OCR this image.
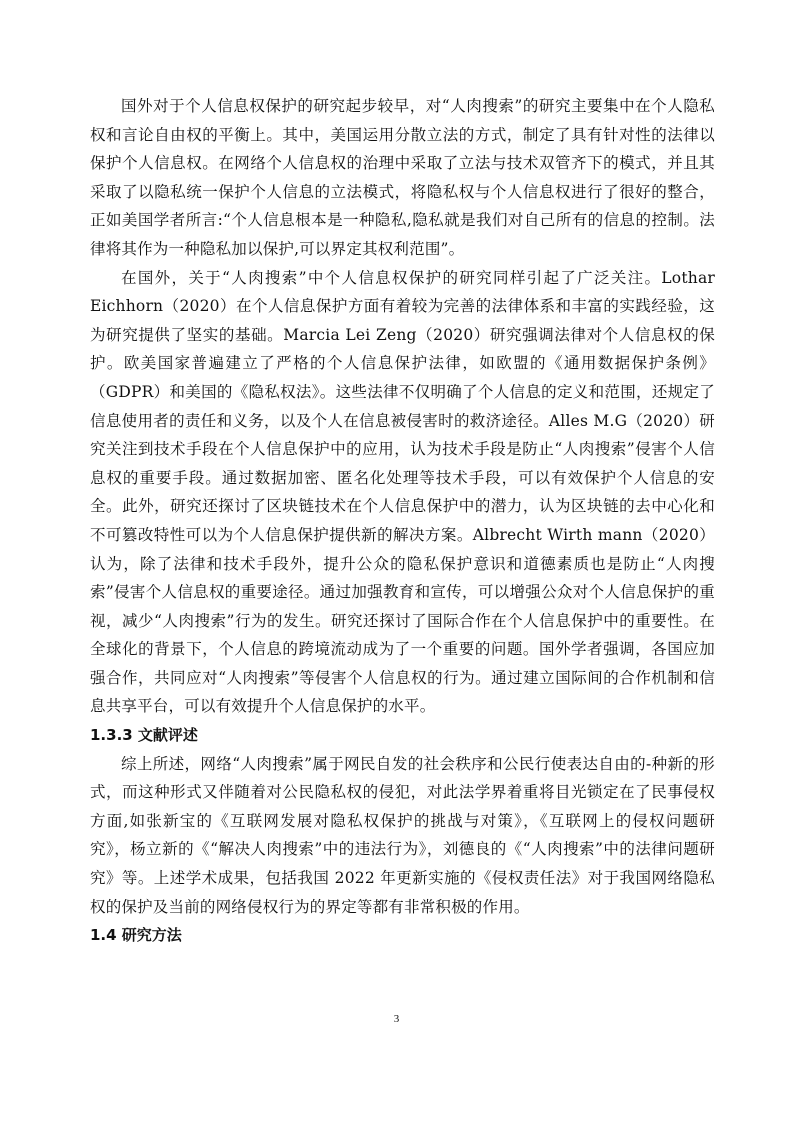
国外对于个人信息权保护的研究起步较早，对“人肉搜索”的研究主要集中在个人隐私权和言论自由权的平衡上。其中，美国运用分散立法的方式，制定了具有针对性的法律以保护个人信息权。在网络个人信息权的治理中采取了立法与技术双管齐下的模式，并且其采取了以隐私统一保护个人信息的立法模式，将隐私权与个人信息权进行了很好的整合，正如美国学者所言:“个人信息根本是一种隐私,隐私就是我们对自己所有的信息的控制。法律将其作为一种隐私加以保护,可以界定其权利范围”。

在国外，关于“人肉搜索”中个人信息权保护的研究同样引起了广泛关注。Lothar Eichhorn（2020）在个人信息保护方面有着较为完善的法律体系和丰富的实践经验，这为研究提供了坚实的基础。Marcia Lei Zeng（2020）研究强调法律对个人信息权的保护。欧美国家普遍建立了严格的个人信息保护法律，如欧盟的《通用数据保护条例》（GDPR）和美国的《隐私权法》。这些法律不仅明确了个人信息的定义和范围，还规定了信息使用者的责任和义务，以及个人在信息被侵害时的救济途径。Alles M.G（2020）研究关注到技术手段在个人信息保护中的应用，认为技术手段是防止“人肉搜索”侵害个人信息权的重要手段。通过数据加密、匿名化处理等技术手段，可以有效保护个人信息的安全。此外，研究还探讨了区块链技术在个人信息保护中的潜力，认为区块链的去中心化和不可篡改特性可以为个人信息保护提供新的解决方案。Albrecht Wirth mann（2020）认为，除了法律和技术手段外，提升公众的隐私保护意识和道德素质也是防止“人肉搜索”侵害个人信息权的重要途径。通过加强教育和宣传，可以增强公众对个人信息保护的重视，减少“人肉搜索”行为的发生。研究还探讨了国际合作在个人信息保护中的重要性。在全球化的背景下，个人信息的跨境流动成为了一个重要的问题。国外学者强调，各国应加强合作，共同应对“人肉搜索”等侵害个人信息权的行为。通过建立国际间的合作机制和信息共享平台，可以有效提升个人信息保护的水平。

1.3.3 文献评述

综上所述，网络“人肉搜索”属于网民自发的社会秩序和公民行使表达自由的-种新的形式，而这种形式又伴随着对公民隐私权的侵犯，对此法学界着重将目光锁定在了民事侵权方面,如张新宝的《互联网发展对隐私权保护的挑战与对策》，《互联网上的侵权问题研究》，杨立新的《“解决人肉搜索”中的违法行为》，刘德良的《“人肉搜索”中的法律问题研究》等。上述学术成果，包括我国 2022 年更新实施的《侵权责任法》对于我国网络隐私权的保护及当前的网络侵权行为的界定等都有非常积极的作用。

1.4 研究方法
3
